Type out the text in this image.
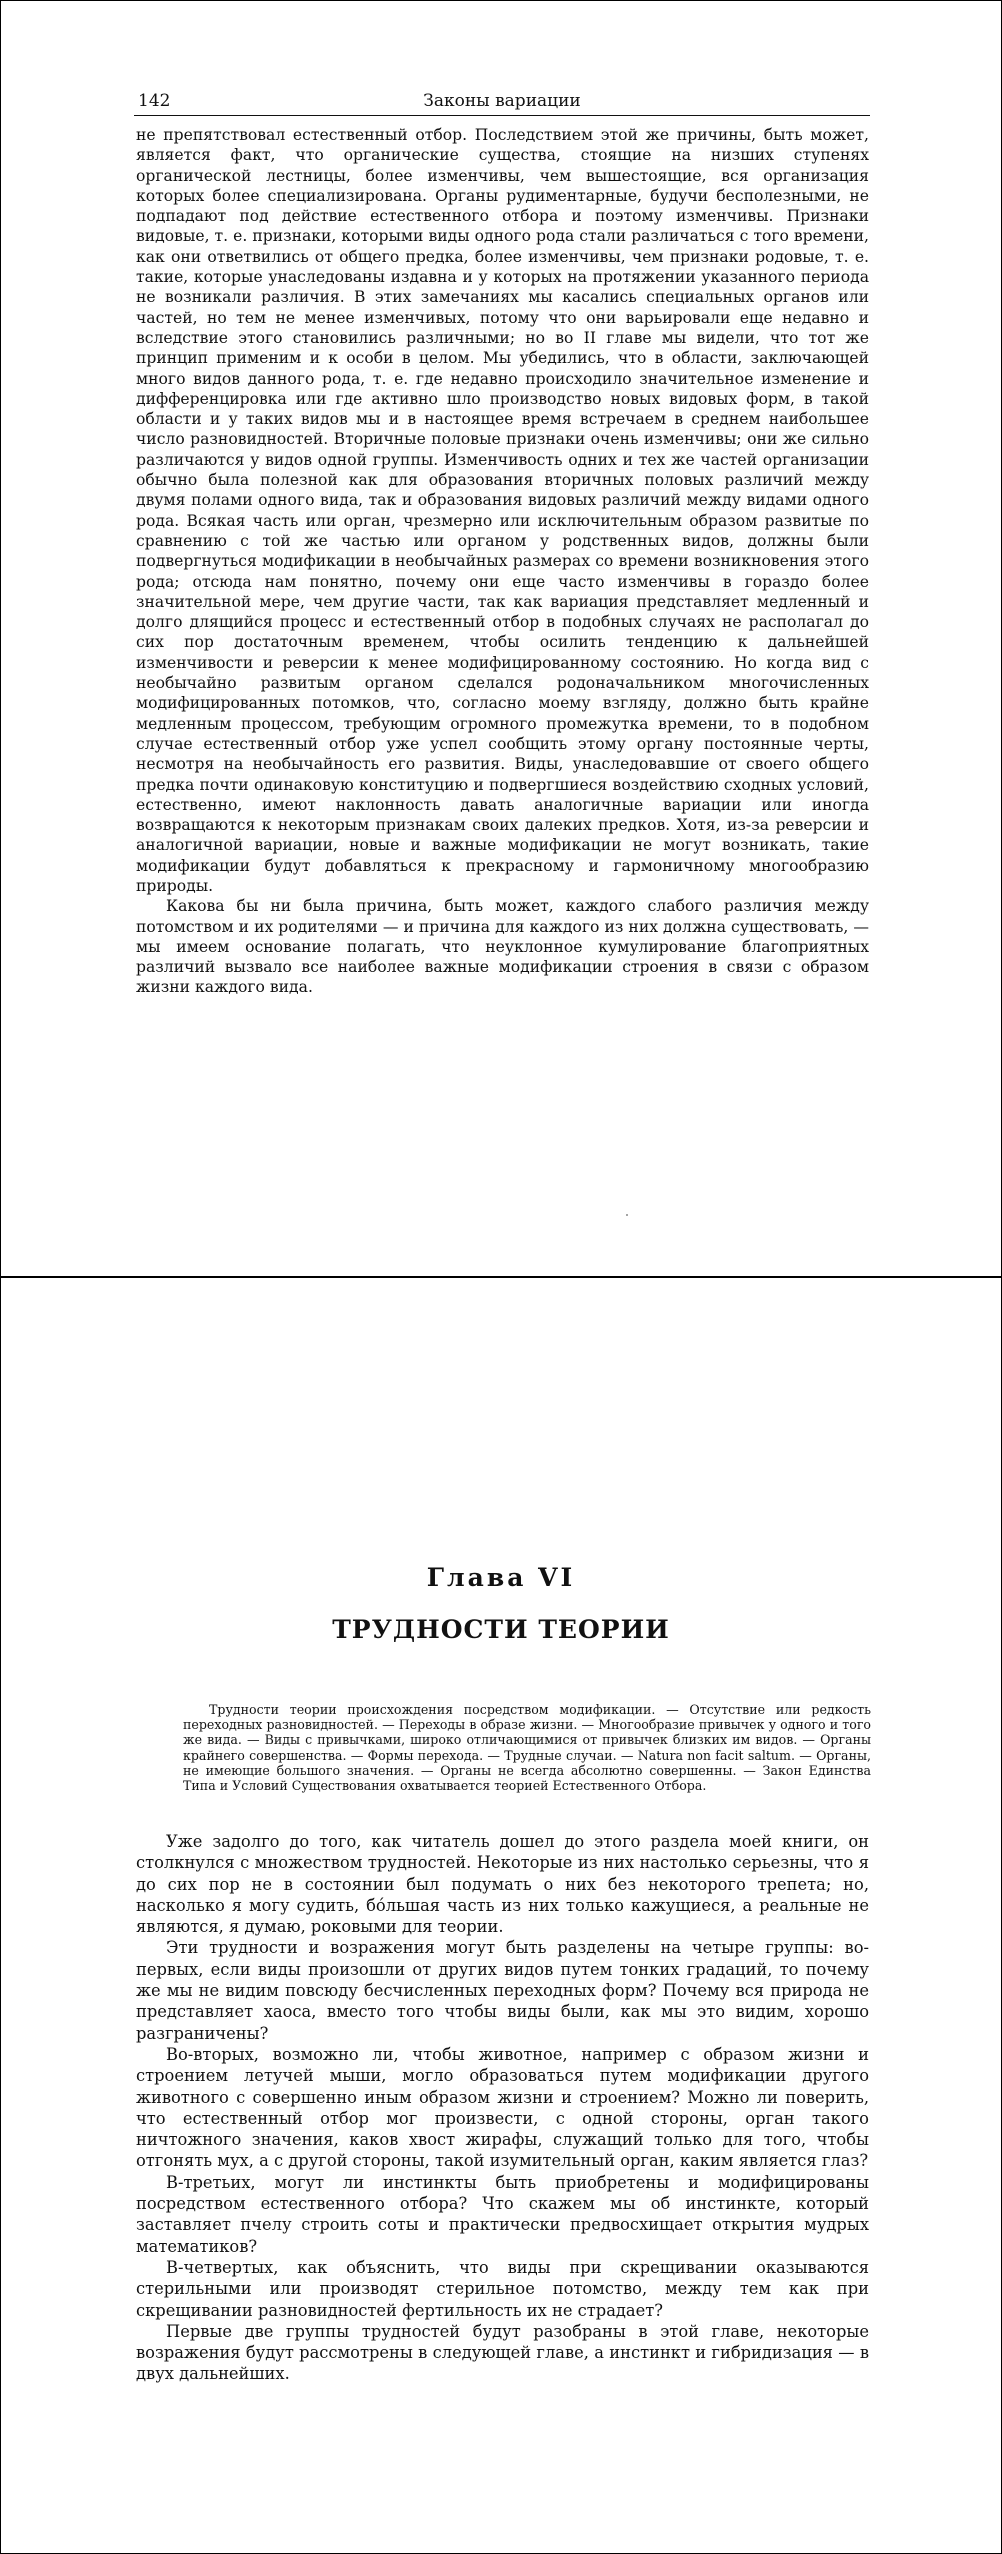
142	Законы вариации

не препятствовал естественный отбор. Последствием этой же причины, быть может, является факт, что органические существа, стоящие на низших ступенях органической лестницы, более изменчивы, чем вышестоящие, вся организация которых более специализирована. Органы рудиментарные, будучи бесполезными, не подпадают под действие естественного отбора и поэтому изменчивы. Признаки видовые, т. е. признаки, которыми виды одного рода стали различаться с того времени, как они ответвились от общего предка, более изменчивы, чем признаки родовые, т. е. такие, которые унаследованы издавна и у которых на протяжении указанного периода не возникали различия. В этих замечаниях мы касались специальных органов или частей, но тем не менее изменчивых, потому что они варьировали еще недавно и вследствие этого становились различными; но во II главе мы видели, что тот же принцип применим и к особи в целом. Мы убедились, что в области, заключающей много видов данного рода, т. е. где недавно происходило значительное изменение и дифференцировка или где активно шло производство новых видовых форм, в такой области и у таких видов мы и в настоящее время встречаем в среднем наибольшее число разновидностей. Вторичные половые признаки очень изменчивы; они же сильно различаются у видов одной группы. Изменчивость одних и тех же частей организации обычно была полезной как для образования вторичных половых различий между двумя полами одного вида, так и образования видовых различий между видами одного рода. Всякая часть или орган, чрезмерно или исключительным образом развитые по сравнению с той же частью или органом у родственных видов, должны были подвергнуться модификации в необычайных размерах со времени возникновения этого рода; отсюда нам понятно, почему они еще часто изменчивы в гораздо более значительной мере, чем другие части, так как вариация представляет медленный и долго длящийся процесс и естественный отбор в подобных случаях не располагал до сих пор достаточным временем, чтобы осилить тенденцию к дальнейшей изменчивости и реверсии к менее модифицированному состоянию. Но когда вид с необычайно развитым органом сделался родоначальником многочисленных модифицированных потомков, что, согласно моему взгляду, должно быть крайне медленным процессом, требующим огромного промежутка времени, то в подобном случае естественный отбор уже успел сообщить этому органу постоянные черты, несмотря на необычайность его развития. Виды, унаследовавшие от своего общего предка почти одинаковую конституцию и подвергшиеся воздействию сходных условий, естественно, имеют наклонность давать аналогичные вариации или иногда возвращаются к некоторым признакам своих далеких предков. Хотя, из-за реверсии и аналогичной вариации, новые и важные модификации не могут возникать, такие модификации будут добавляться к прекрасному и гармоничному многообразию природы.

Какова бы ни была причина, быть может, каждого слабого различия между потомством и их родителями — и причина для каждого из них должна существовать, — мы имеем основание полагать, что неуклонное кумулирование благоприятных различий вызвало все наиболее важные модификации строения в связи с образом жизни каждого вида.

Глава VI
ТРУДНОСТИ ТЕОРИИ
Трудности теории происхождения посредством модификации. — Отсутствие или редкость переходных разновидностей. — Переходы в образе жизни. — Многообразие привычек у одного и того же вида. — Виды с привычками, широко отличающимися от привычек близких им видов. — Органы крайнего совершенства. — Формы перехода. — Трудные случаи. — Natura non facit saltum. — Органы, не имеющие большого значения. — Органы не всегда абсолютно совершенны. — Закон Единства Типа и Условий Существования охватывается теорией Естественного Отбора.

Уже задолго до того, как читатель дошел до этого раздела моей книги, он столкнулся с множеством трудностей. Некоторые из них настолько серьезны, что я до сих пор не в состоянии был подумать о них без некоторого трепета; но, насколько я могу судить, бо́льшая часть из них только кажущиеся, а реальные не являются, я думаю, роковыми для теории.

Эти трудности и возражения могут быть разделены на четыре группы: во-первых, если виды произошли от других видов путем тонких градаций, то почему же мы не видим повсюду бесчисленных переходных форм? Почему вся природа не представляет хаоса, вместо того чтобы виды были, как мы это видим, хорошо разграничены?

Во-вторых, возможно ли, чтобы животное, например с образом жизни и строением летучей мыши, могло образоваться путем модификации другого животного с совершенно иным образом жизни и строением? Можно ли поверить, что естественный отбор мог произвести, с одной стороны, орган такого ничтожного значения, каков хвост жирафы, служащий только для того, чтобы отгонять мух, а с другой стороны, такой изумительный орган, каким является глаз?

В-третьих, могут ли инстинкты быть приобретены и модифицированы посредством естественного отбора? Что скажем мы об инстинкте, который заставляет пчелу строить соты и практически предвосхищает открытия мудрых математиков?

В-четвертых, как объяснить, что виды при скрещивании оказываются стерильными или производят стерильное потомство, между тем как при скрещивании разновидностей фертильность их не страдает?

Первые две группы трудностей будут разобраны в этой главе, некоторые возражения будут рассмотрены в следующей главе, а инстинкт и гибридизация — в двух дальнейших.
